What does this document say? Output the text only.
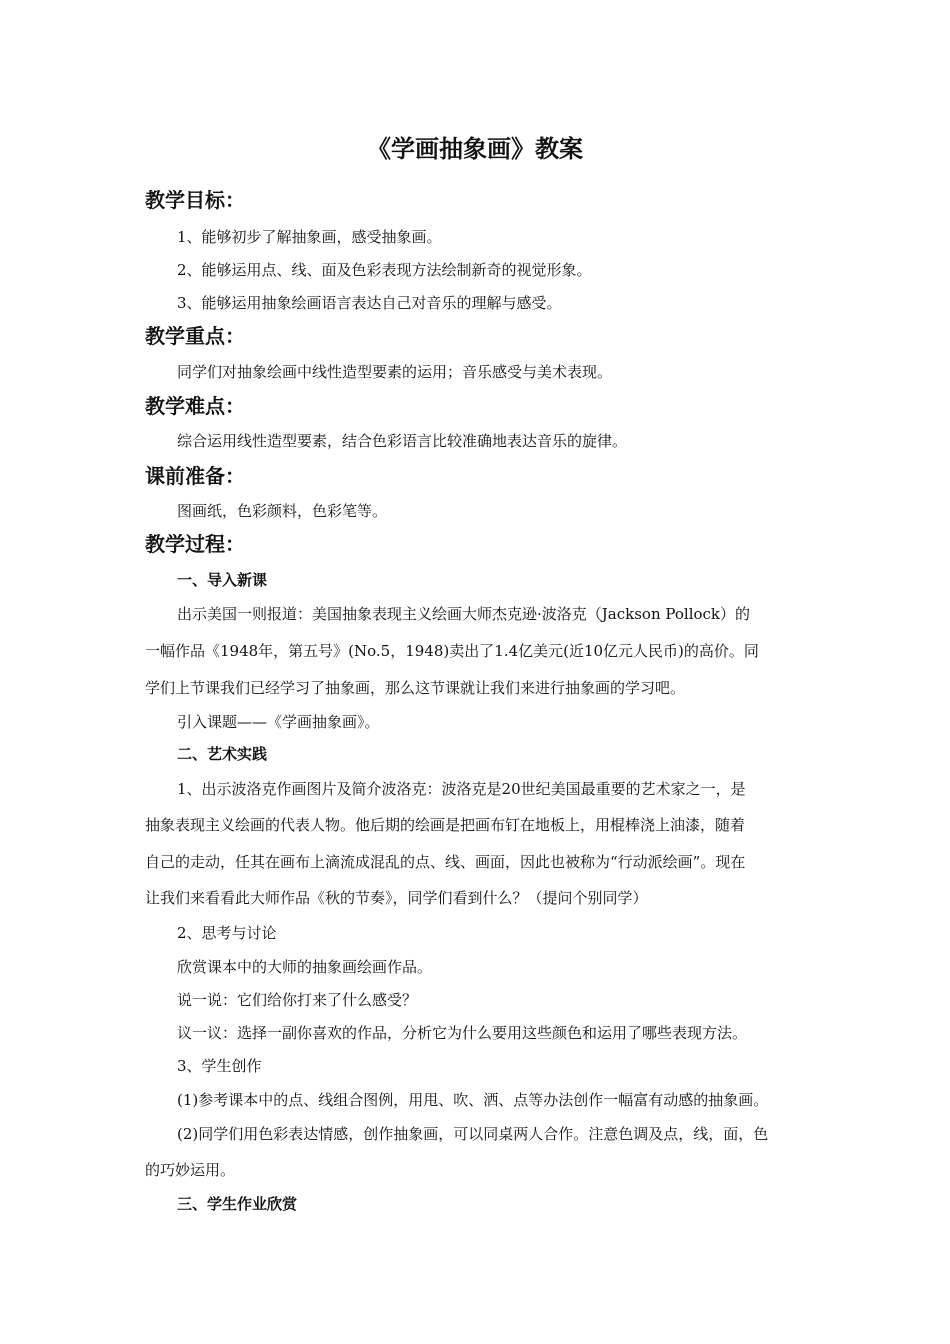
《学画抽象画》教案
教学目标：
1、能够初步了解抽象画，感受抽象画。
2、能够运用点、线、面及色彩表现方法绘制新奇的视觉形象。
3、能够运用抽象绘画语言表达自己对音乐的理解与感受。
教学重点：
同学们对抽象绘画中线性造型要素的运用；音乐感受与美术表现。
教学难点：
综合运用线性造型要素，结合色彩语言比较准确地表达音乐的旋律。
课前准备：
图画纸，色彩颜料，色彩笔等。
教学过程：
一、导入新课
出示美国一则报道：美国抽象表现主义绘画大师杰克逊·波洛克（Jackson Pollock）的
一幅作品《1948年，第五号》(No.5，1948)卖出了1.4亿美元(近10亿元人民币)的高价。同
学们上节课我们已经学习了抽象画，那么这节课就让我们来进行抽象画的学习吧。
引入课题——《学画抽象画》。
二、艺术实践
1、出示波洛克作画图片及简介波洛克：波洛克是20世纪美国最重要的艺术家之一，是
抽象表现主义绘画的代表人物。他后期的绘画是把画布钉在地板上，用棍棒浇上油漆，随着
自己的走动，任其在画布上滴流成混乱的点、线、画面，因此也被称为“行动派绘画”。现在
让我们来看看此大师作品《秋的节奏》，同学们看到什么？（提问个别同学）
2、思考与讨论
欣赏课本中的大师的抽象画绘画作品。
说一说：它们给你打来了什么感受？
议一议：选择一副你喜欢的作品，分析它为什么要用这些颜色和运用了哪些表现方法。
3、学生创作
(1)参考课本中的点、线组合图例，用甩、吹、洒、点等办法创作一幅富有动感的抽象画。
(2)同学们用色彩表达情感，创作抽象画，可以同桌两人合作。注意色调及点，线，面，色
的巧妙运用。
三、学生作业欣赏
